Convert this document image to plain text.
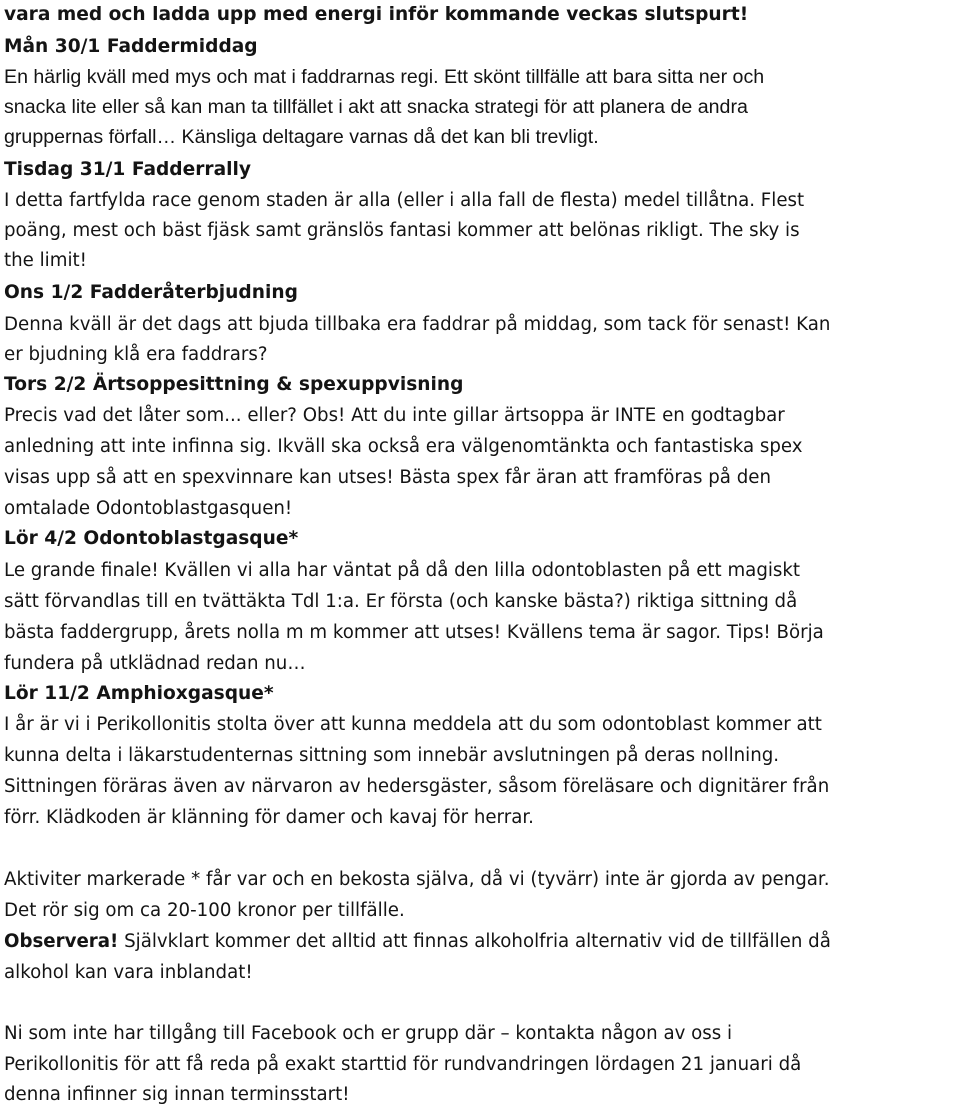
vara med och ladda upp med energi inför kommande veckas slutspurt!
Mån 30/1 Faddermiddag
En härlig kväll med mys och mat i faddrarnas regi. Ett skönt tillfälle att bara sitta ner och
snacka lite eller så kan man ta tillfället i akt att snacka strategi för att planera de andra
gruppernas förfall… Känsliga deltagare varnas då det kan bli trevligt.
Tisdag 31/1 Fadderrally
I detta fartfylda race genom staden är alla (eller i alla fall de flesta) medel tillåtna. Flest
poäng, mest och bäst fjäsk samt gränslös fantasi kommer att belönas rikligt. The sky is
the limit!
Ons 1/2 Fadderåterbjudning
Denna kväll är det dags att bjuda tillbaka era faddrar på middag, som tack för senast! Kan
er bjudning klå era faddrars?
Tors 2/2 Ärtsoppesittning & spexuppvisning
Precis vad det låter som... eller? Obs! Att du inte gillar ärtsoppa är INTE en godtagbar
anledning att inte infinna sig. Ikväll ska också era välgenomtänkta och fantastiska spex
visas upp så att en spexvinnare kan utses! Bästa spex får äran att framföras på den
omtalade Odontoblastgasquen!
Lör 4/2 Odontoblastgasque*
Le grande finale! Kvällen vi alla har väntat på då den lilla odontoblasten på ett magiskt
sätt förvandlas till en tvättäkta Tdl 1:a. Er första (och kanske bästa?) riktiga sittning då
bästa faddergrupp, årets nolla m m kommer att utses! Kvällens tema är sagor. Tips! Börja
fundera på utklädnad redan nu…
Lör 11/2 Amphioxgasque*
I år är vi i Perikollonitis stolta över att kunna meddela att du som odontoblast kommer att
kunna delta i läkarstudenternas sittning som innebär avslutningen på deras nollning.
Sittningen föräras även av närvaron av hedersgäster, såsom föreläsare och dignitärer från
förr. Klädkoden är klänning för damer och kavaj för herrar.
Aktiviter markerade * får var och en bekosta själva, då vi (tyvärr) inte är gjorda av pengar.
Det rör sig om ca 20-100 kronor per tillfälle.
Observera! Självklart kommer det alltid att finnas alkoholfria alternativ vid de tillfällen då
alkohol kan vara inblandat!
Ni som inte har tillgång till Facebook och er grupp där – kontakta någon av oss i
Perikollonitis för att få reda på exakt starttid för rundvandringen lördagen 21 januari då
denna infinner sig innan terminsstart!
